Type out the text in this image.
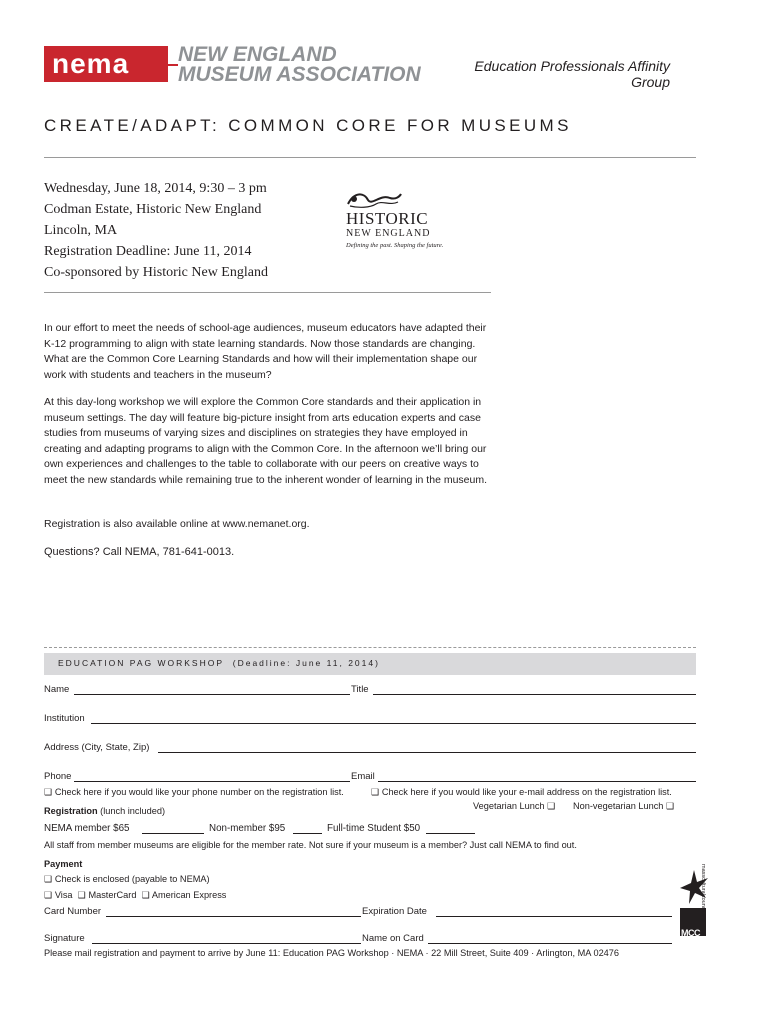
nema	NEW ENGLAND
MUSEUM ASSOCIATION	Education Professionals Affinity Group
CREATE/ADAPT: COMMON CORE FOR MUSEUMS
Wednesday, June 18, 2014, 9:30 – 3 pm
Codman Estate, Historic New England
Lincoln, MA
Registration Deadline: June 11, 2014
Co-sponsored by Historic New England
HISTORIC
NEW ENGLAND
Defining the past. Shaping the future.

In our effort to meet the needs of school-age audiences, museum educators have adapted their K-12 programming to align with state learning standards. Now those standards are changing. What are the Common Core Learning Standards and how will their implementation shape our work with students and teachers in the museum?

At this day-long workshop we will explore the Common Core standards and their application in museum settings. The day will feature big-picture insight from arts education experts and case studies from museums of varying sizes and disciplines on strategies they have employed in creating and adapting programs to align with the Common Core. In the afternoon we’ll bring our own experiences and challenges to the table to collaborate with our peers on creative ways to meet the new standards while remaining true to the inherent wonder of learning in the museum.

Registration is also available online at www.nemanet.org.
Questions? Call NEMA, 781-641-0013.
EDUCATION PAG WORKSHOP (Deadline: June 11, 2014)
Name	Title
Institution
Address (City, State, Zip)
Phone	Email
❑ Check here if you would like your phone number on the registration list.	❑ Check here if you would like your e-mail address on the registration list.
Registration (lunch included)	Vegetarian Lunch ❑ Non-vegetarian Lunch ❑
NEMA member $65	Non-member $95	Full-time Student $50
All staff from member museums are eligible for the member rate. Not sure if your museum is a member? Just call NEMA to find out.
Payment
❑ Check is enclosed (payable to NEMA)
❑ Visa ❑ MasterCard ❑ American Express
Card Number	Expiration Date
Signature	Name on Card
Please mail registration and payment to arrive by June 11: Education PAG Workshop · NEMA · 22 Mill Street, Suite 409 · Arlington, MA 02476
MCC
massculturalcouncil.org
